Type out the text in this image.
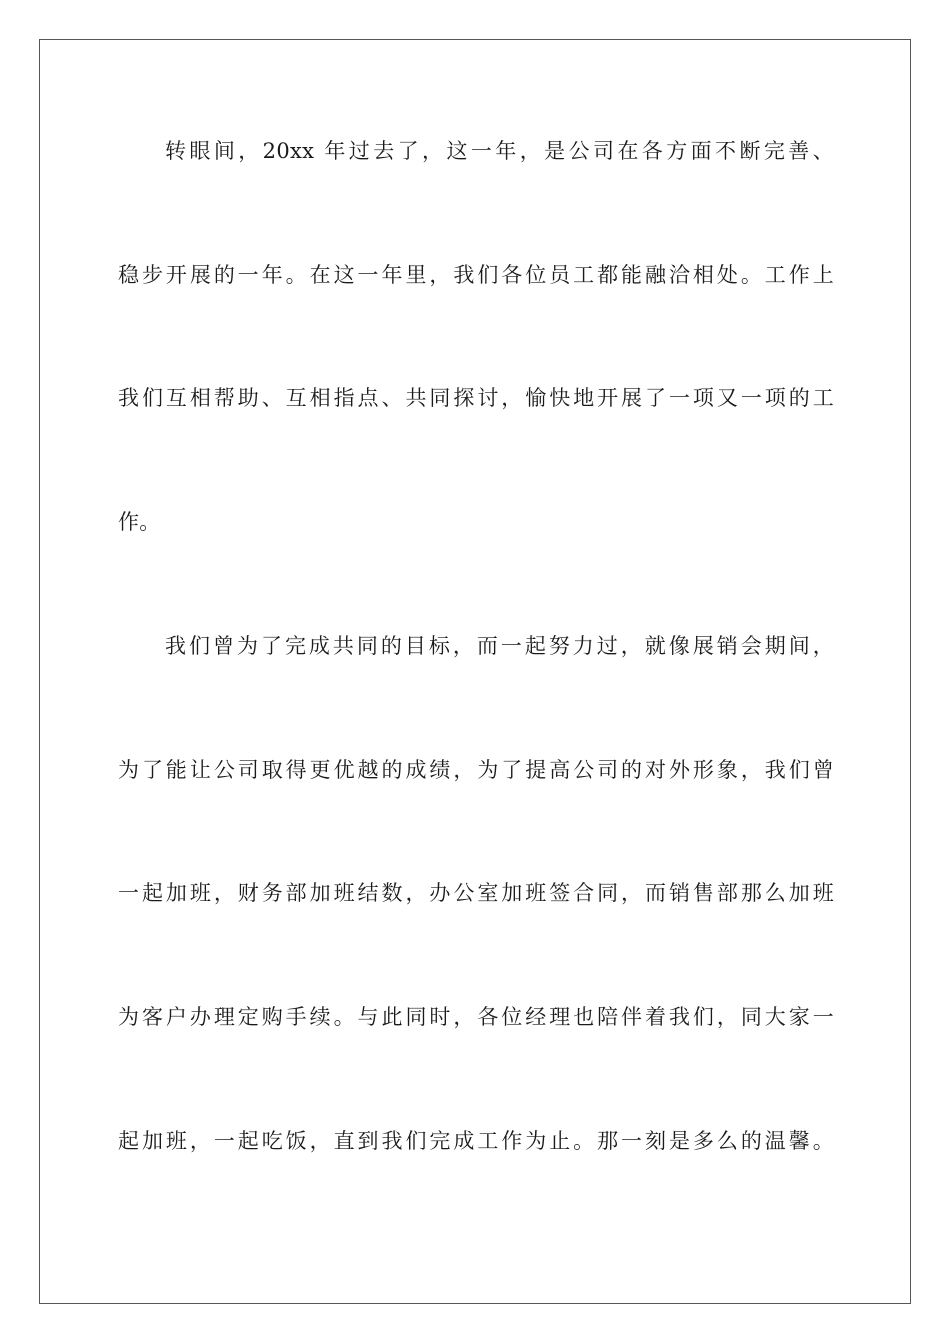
转眼间，20xx 年过去了，这一年，是公司在各方面不断完善、
稳步开展的一年。在这一年里，我们各位员工都能融洽相处。工作上
我们互相帮助、互相指点、共同探讨，愉快地开展了一项又一项的工
作。
我们曾为了完成共同的目标，而一起努力过，就像展销会期间，
为了能让公司取得更优越的成绩，为了提高公司的对外形象，我们曾
一起加班，财务部加班结数，办公室加班签合同，而销售部那么加班
为客户办理定购手续。与此同时，各位经理也陪伴着我们，同大家一
起加班，一起吃饭，直到我们完成工作为止。那一刻是多么的温馨。
